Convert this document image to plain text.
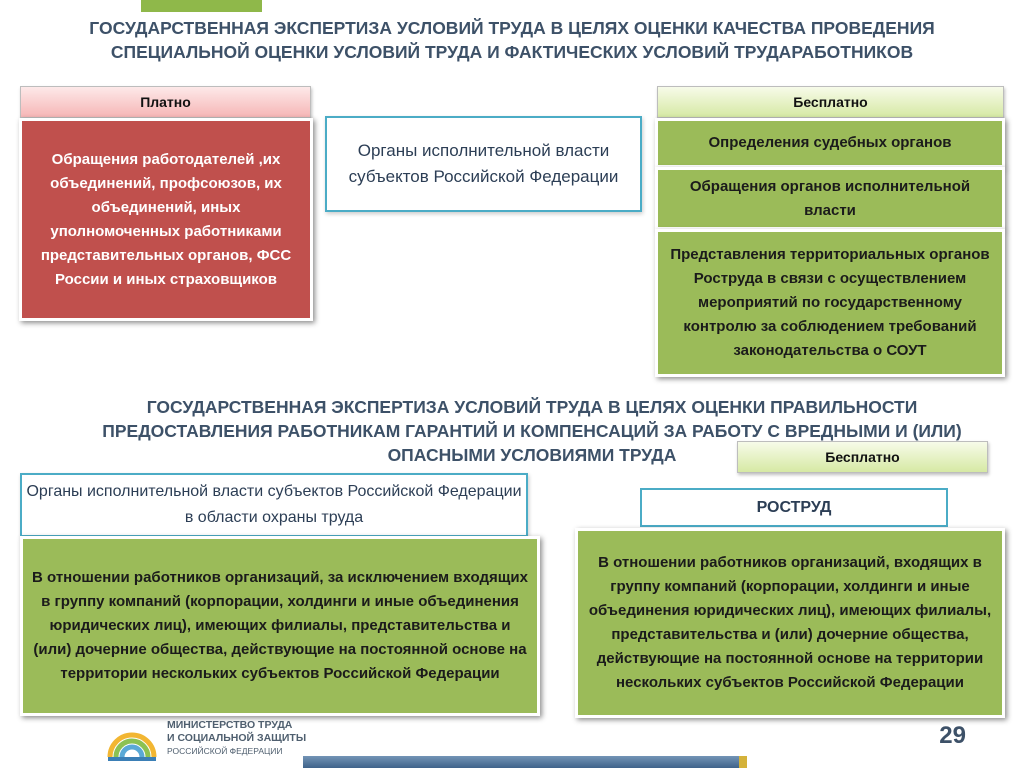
ГОСУДАРСТВЕННАЯ ЭКСПЕРТИЗА УСЛОВИЙ ТРУДА В ЦЕЛЯХ ОЦЕНКИ КАЧЕСТВА ПРОВЕДЕНИЯ СПЕЦИАЛЬНОЙ ОЦЕНКИ УСЛОВИЙ ТРУДА И ФАКТИЧЕСКИХ УСЛОВИЙ ТРУДАРАБОТНИКОВ
Платно
Обращения работодателей ,их объединений, профсоюзов, их объединений, иных уполномоченных работниками представительных органов, ФСС России и иных страховщиков
Органы исполнительной власти субъектов Российской Федерации
Бесплатно
Определения судебных органов
Обращения органов исполнительной власти
Представления территориальных органов Роструда в связи с осуществлением мероприятий по государственному контролю за соблюдением требований законодательства о СОУТ
ГОСУДАРСТВЕННАЯ ЭКСПЕРТИЗА УСЛОВИЙ ТРУДА В ЦЕЛЯХ ОЦЕНКИ ПРАВИЛЬНОСТИ ПРЕДОСТАВЛЕНИЯ РАБОТНИКАМ ГАРАНТИЙ И КОМПЕНСАЦИЙ ЗА РАБОТУ С ВРЕДНЫМИ И (ИЛИ) ОПАСНЫМИ УСЛОВИЯМИ ТРУДА	Бесплатно
Органы исполнительной власти субъектов Российской Федерации в области охраны труда
В отношении работников организаций, за исключением входящих в группу компаний (корпорации, холдинги и иные объединения юридических лиц), имеющих филиалы, представительства и (или) дочерние общества, действующие на постоянной основе на территории нескольких субъектов Российской Федерации
РОСТРУД
В отношении работников организаций, входящих в группу компаний (корпорации, холдинги и иные объединения юридических лиц), имеющих филиалы, представительства и (или) дочерние общества, действующие на постоянной основе на территории нескольких субъектов Российской Федерации
МИНИСТЕРСТВО ТРУДА
И СОЦИАЛЬНОЙ ЗАЩИТЫ
РОССИЙСКОЙ ФЕДЕРАЦИИ
29
